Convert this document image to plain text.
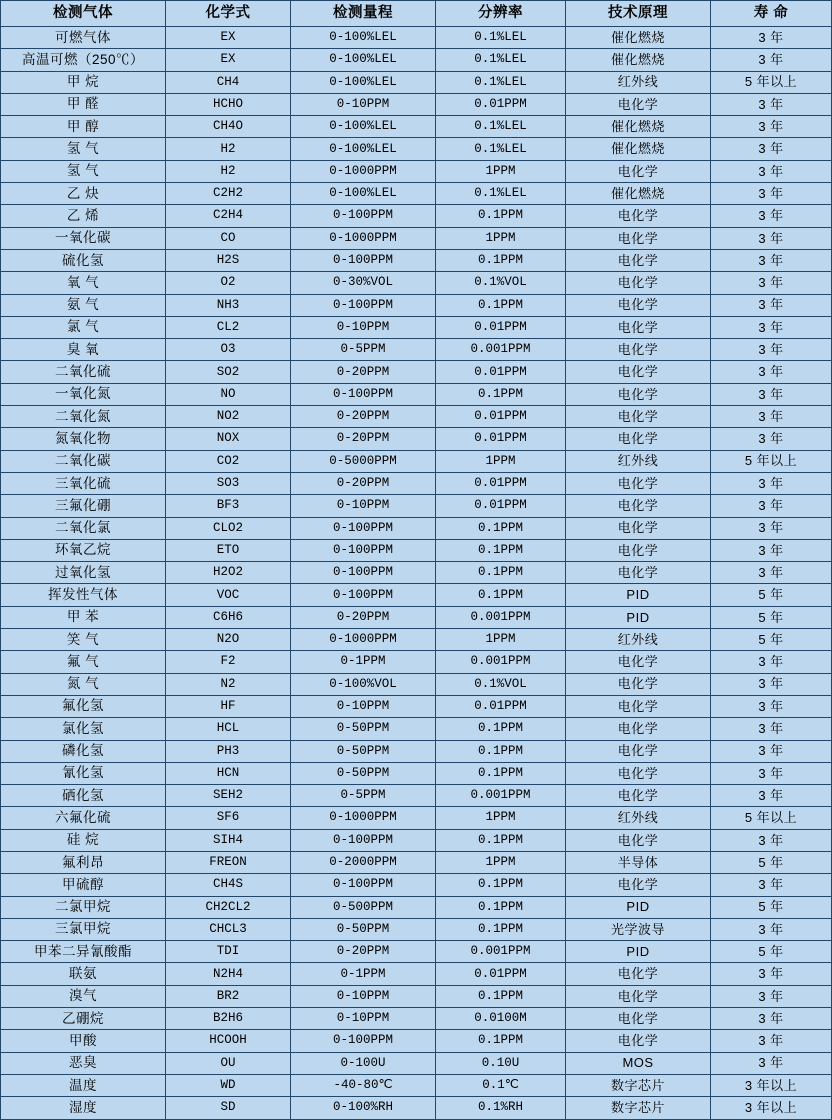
检测气体	化学式	检测量程	分辨率	技术原理	寿 命
可燃气体	EX	0-100%LEL	0.1%LEL	催化燃烧	3 年
高温可燃（250℃）	EX	0-100%LEL	0.1%LEL	催化燃烧	3 年
甲 烷	CH4	0-100%LEL	0.1%LEL	红外线	5 年以上
甲 醛	HCHO	0-10PPM	0.01PPM	电化学	3 年
甲 醇	CH4O	0-100%LEL	0.1%LEL	催化燃烧	3 年
氢 气	H2	0-100%LEL	0.1%LEL	催化燃烧	3 年
氢 气	H2	0-1000PPM	1PPM	电化学	3 年
乙 炔	C2H2	0-100%LEL	0.1%LEL	催化燃烧	3 年
乙 烯	C2H4	0-100PPM	0.1PPM	电化学	3 年
一氧化碳	CO	0-1000PPM	1PPM	电化学	3 年
硫化氢	H2S	0-100PPM	0.1PPM	电化学	3 年
氧 气	O2	0-30%VOL	0.1%VOL	电化学	3 年
氨 气	NH3	0-100PPM	0.1PPM	电化学	3 年
氯 气	CL2	0-10PPM	0.01PPM	电化学	3 年
臭 氧	O3	0-5PPM	0.001PPM	电化学	3 年
二氧化硫	SO2	0-20PPM	0.01PPM	电化学	3 年
一氧化氮	NO	0-100PPM	0.1PPM	电化学	3 年
二氧化氮	NO2	0-20PPM	0.01PPM	电化学	3 年
氮氧化物	NOX	0-20PPM	0.01PPM	电化学	3 年
二氧化碳	CO2	0-5000PPM	1PPM	红外线	5 年以上
三氧化硫	SO3	0-20PPM	0.01PPM	电化学	3 年
三氟化硼	BF3	0-10PPM	0.01PPM	电化学	3 年
二氧化氯	CLO2	0-100PPM	0.1PPM	电化学	3 年
环氧乙烷	ETO	0-100PPM	0.1PPM	电化学	3 年
过氧化氢	H2O2	0-100PPM	0.1PPM	电化学	3 年
挥发性气体	VOC	0-100PPM	0.1PPM	PID	5 年
甲 苯	C6H6	0-20PPM	0.001PPM	PID	5 年
笑 气	N2O	0-1000PPM	1PPM	红外线	5 年
氟 气	F2	0-1PPM	0.001PPM	电化学	3 年
氮 气	N2	0-100%VOL	0.1%VOL	电化学	3 年
氟化氢	HF	0-10PPM	0.01PPM	电化学	3 年
氯化氢	HCL	0-50PPM	0.1PPM	电化学	3 年
磷化氢	PH3	0-50PPM	0.1PPM	电化学	3 年
氰化氢	HCN	0-50PPM	0.1PPM	电化学	3 年
硒化氢	SEH2	0-5PPM	0.001PPM	电化学	3 年
六氟化硫	SF6	0-1000PPM	1PPM	红外线	5 年以上
硅 烷	SIH4	0-100PPM	0.1PPM	电化学	3 年
氟利昂	FREON	0-2000PPM	1PPM	半导体	5 年
甲硫醇	CH4S	0-100PPM	0.1PPM	电化学	3 年
二氯甲烷	CH2CL2	0-500PPM	0.1PPM	PID	5 年
三氯甲烷	CHCL3	0-50PPM	0.1PPM	光学波导	3 年
甲苯二异氰酸酯	TDI	0-20PPM	0.001PPM	PID	5 年
联氨	N2H4	0-1PPM	0.01PPM	电化学	3 年
溴气	BR2	0-10PPM	0.1PPM	电化学	3 年
乙硼烷	B2H6	0-10PPM	0.0100M	电化学	3 年
甲酸	HCOOH	0-100PPM	0.1PPM	电化学	3 年
恶臭	OU	0-100U	0.10U	MOS	3 年
温度	WD	-40-80℃	0.1℃	数字芯片	3 年以上
湿度	SD	0-100%RH	0.1%RH	数字芯片	3 年以上
